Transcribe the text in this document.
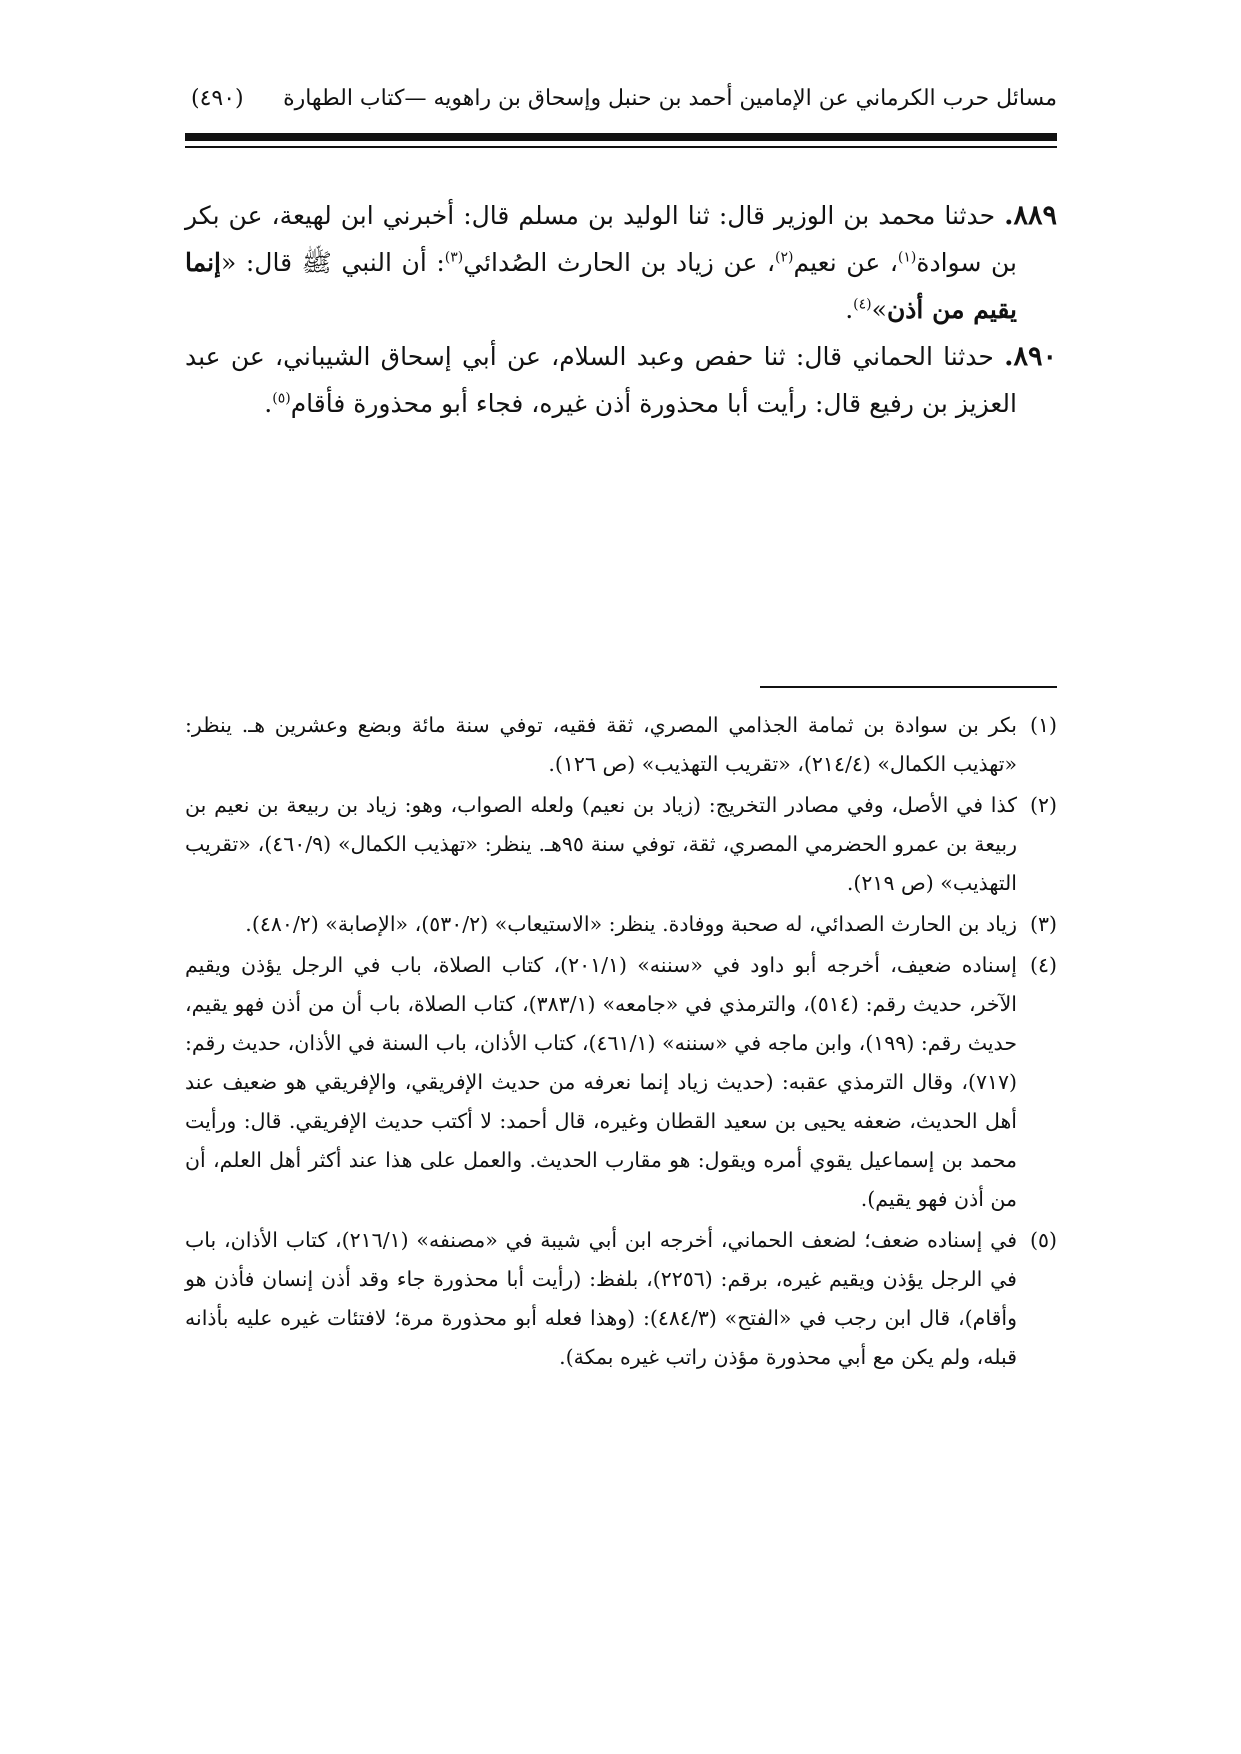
مسائل حرب الكرماني عن الإمامين أحمد بن حنبل وإسحاق بن راهويه —كتاب الطهارة
(٤٩٠)

٨٨٩. حدثنا محمد بن الوزير قال: ثنا الوليد بن مسلم قال: أخبرني ابن لهيعة، عن بكر بن سوادة$^{(١)}$، عن نعيم$^{(٢)}$، عن زياد بن الحارث الصُدائي$^{(٣)}$: أن النبي ﷺ قال: «إنما يقيم من أذن»$^{(٤)}$.

٨٩٠. حدثنا الحماني قال: ثنا حفص وعبد السلام، عن أبي إسحاق الشيباني، عن عبد العزيز بن رفيع قال: رأيت أبا محذورة أذن غيره، فجاء أبو محذورة فأقام$^{(٥)}$.

(١)بكر بن سوادة بن ثمامة الجذامي المصري، ثقة فقيه، توفي سنة مائة وبضع وعشرين هـ. ينظر: «تهذيب الكمال» (٢١٤/٤)، «تقريب التهذيب» (ص ١٢٦).

(٢)كذا في الأصل، وفي مصادر التخريج: (زياد بن نعيم) ولعله الصواب، وهو: زياد بن ربيعة بن نعيم بن ربيعة بن عمرو الحضرمي المصري، ثقة، توفي سنة ٩٥هـ. ينظر: «تهذيب الكمال» (٤٦٠/٩)، «تقريب التهذيب» (ص ٢١٩).

(٣)زياد بن الحارث الصدائي، له صحبة ووفادة. ينظر: «الاستيعاب» (٥٣٠/٢)، «الإصابة» (٤٨٠/٢).

(٤)إسناده ضعيف، أخرجه أبو داود في «سننه» (٢٠١/١)، كتاب الصلاة، باب في الرجل يؤذن ويقيم الآخر، حديث رقم: (٥١٤)، والترمذي في «جامعه» (٣٨٣/١)، كتاب الصلاة، باب أن من أذن فهو يقيم، حديث رقم: (١٩٩)، وابن ماجه في «سننه» (٤٦١/١)، كتاب الأذان، باب السنة في الأذان، حديث رقم: (٧١٧)، وقال الترمذي عقبه: (حديث زياد إنما نعرفه من حديث الإفريقي، والإفريقي هو ضعيف عند أهل الحديث، ضعفه يحيى بن سعيد القطان وغيره، قال أحمد: لا أكتب حديث الإفريقي. قال: ورأيت محمد بن إسماعيل يقوي أمره ويقول: هو مقارب الحديث. والعمل على هذا عند أكثر أهل العلم، أن من أذن فهو يقيم).

(٥)في إسناده ضعف؛ لضعف الحماني، أخرجه ابن أبي شيبة في «مصنفه» (٢١٦/١)، كتاب الأذان، باب في الرجل يؤذن ويقيم غيره، برقم: (٢٢٥٦)، بلفظ: (رأيت أبا محذورة جاء وقد أذن إنسان فأذن هو وأقام)، قال ابن رجب في «الفتح» (٤٨٤/٣): (وهذا فعله أبو محذورة مرة؛ لافتئات غيره عليه بأذانه قبله، ولم يكن مع أبي محذورة مؤذن راتب غيره بمكة).
